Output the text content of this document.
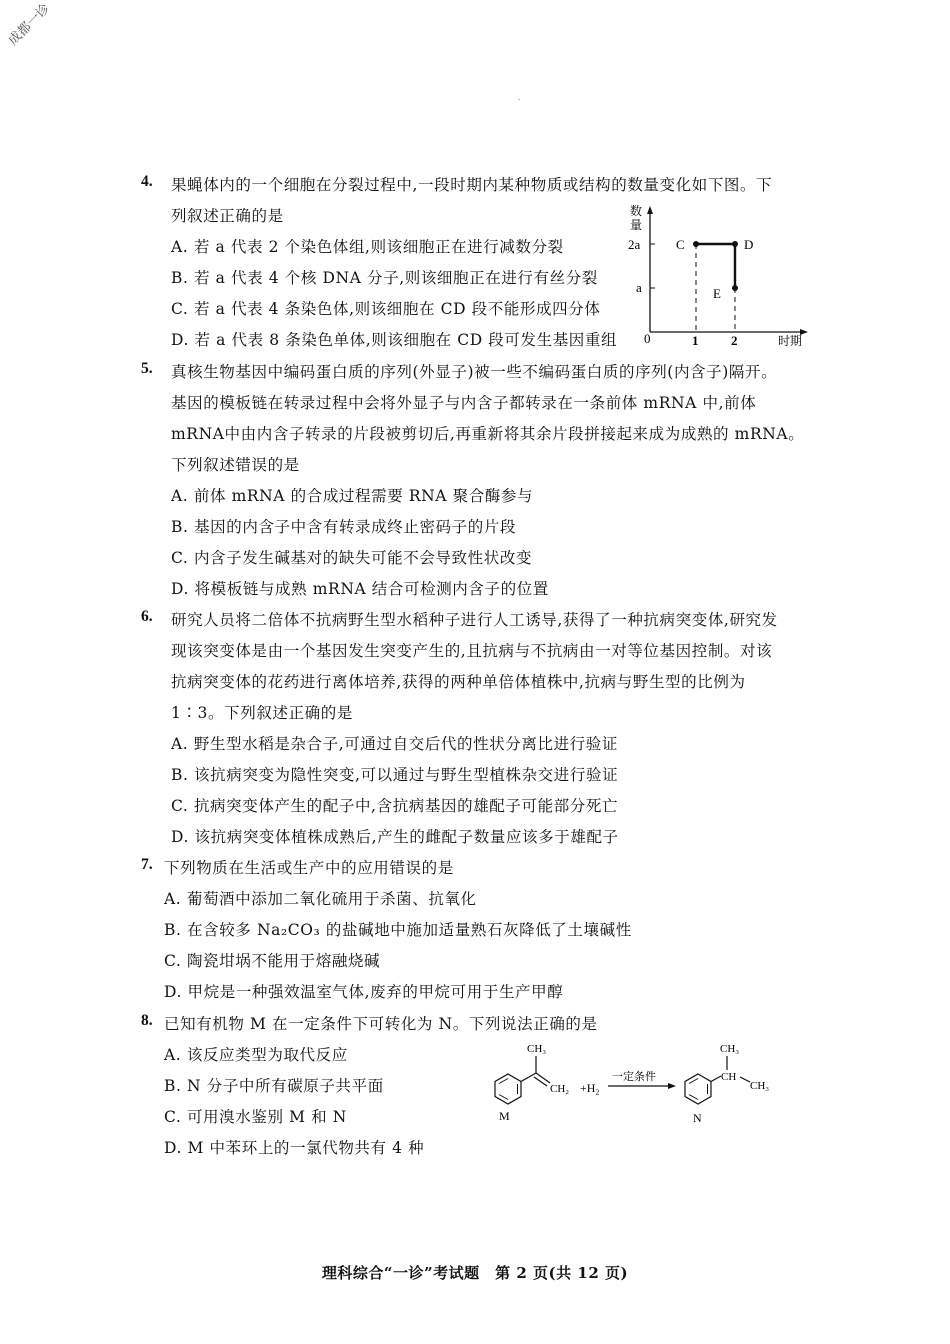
成都一诊
4. 果蝇体内的一个细胞在分裂过程中,一段时期内某种物质或结构的数量变化如下图。下
列叙述正确的是
A. 若 a 代表 2 个染色体组,则该细胞正在进行减数分裂
B. 若 a 代表 4 个核 DNA 分子,则该细胞正在进行有丝分裂
C. 若 a 代表 4 条染色体,则该细胞在 CD 段不能形成四分体
D. 若 a 代表 8 条染色单体,则该细胞在 CD 段可发生基因重组
数
量
数量
2a
a
0	1	2	时期
C	D
E
5. 真核生物基因中编码蛋白质的序列(外显子)被一些不编码蛋白质的序列(内含子)隔开。
基因的模板链在转录过程中会将外显子与内含子都转录在一条前体 mRNA 中,前体
mRNA中由内含子转录的片段被剪切后,再重新将其余片段拼接起来成为成熟的 mRNA。
下列叙述错误的是
A. 前体 mRNA 的合成过程需要 RNA 聚合酶参与
B. 基因的内含子中含有转录成终止密码子的片段
C. 内含子发生碱基对的缺失可能不会导致性状改变
D. 将模板链与成熟 mRNA 结合可检测内含子的位置
6. 研究人员将二倍体不抗病野生型水稻种子进行人工诱导,获得了一种抗病突变体,研究发
现该突变体是由一个基因发生突变产生的,且抗病与不抗病由一对等位基因控制。对该
抗病突变体的花药进行离体培养,获得的两种单倍体植株中,抗病与野生型的比例为
1∶3。下列叙述正确的是
A. 野生型水稻是杂合子,可通过自交后代的性状分离比进行验证
B. 该抗病突变为隐性突变,可以通过与野生型植株杂交进行验证
C. 抗病突变体产生的配子中,含抗病基因的雄配子可能部分死亡
D. 该抗病突变体植株成熟后,产生的雌配子数量应该多于雄配子
7. 下列物质在生活或生产中的应用错误的是
A. 葡萄酒中添加二氧化硫用于杀菌、抗氧化
B. 在含较多 Na₂CO₃ 的盐碱地中施加适量熟石灰降低了土壤碱性
C. 陶瓷坩埚不能用于熔融烧碱
D. 甲烷是一种强效温室气体,废弃的甲烷可用于生产甲醇
8. 已知有机物 M 在一定条件下可转化为 N。下列说法正确的是
A. 该反应类型为取代反应
B. N 分子中所有碳原子共平面
C. 可用溴水鉴别 M 和 N
D. M 中苯环上的一氯代物共有 4 种
CH₃
CH₂
M
+H₂
一定条件	CH
CH₃
CH₃
N
理科综合“一诊”考试题　第 2 页(共 12 页)
